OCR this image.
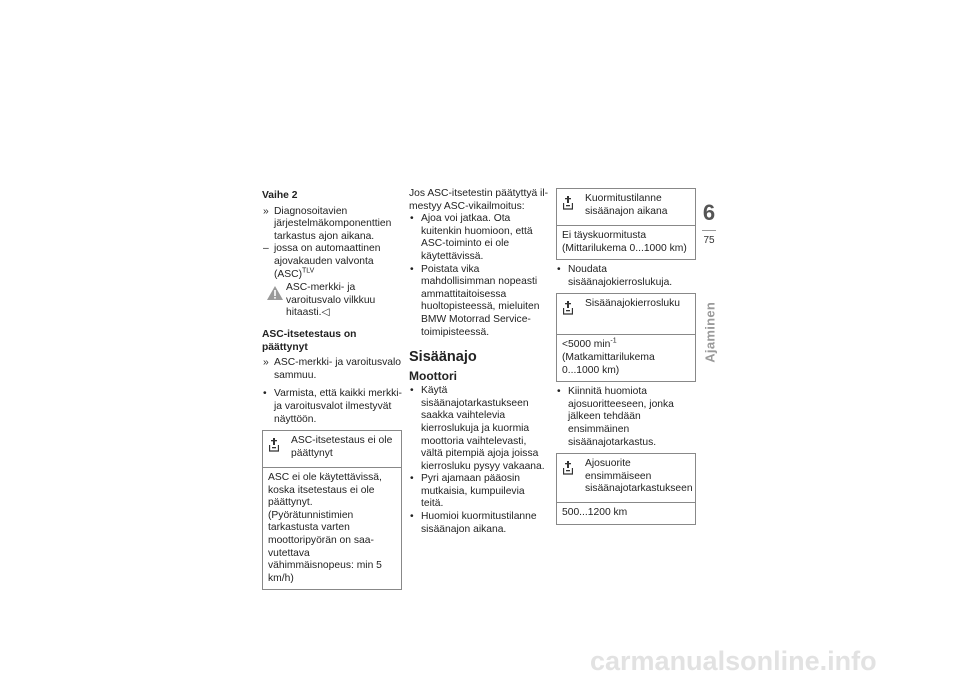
Vaihe 2
» Diagnosoitavien järjestelmäkomponenttien tarkastus ajon aikana.
– jossa on automaattinen ajovakauden valvonta (ASC)$^{TLV}$
ASC-merkki- ja varoitusvalo vilkkuu hitaasti.◁
ASC-itsetestaus on päättynyt
» ASC-merkki- ja varoitusvalo sammuu.
• Varmista, että kaikki merkki- ja varoitusvalot ilmestyvät näyttöön.
ASC-itsetestaus ei ole päättynyt
ASC ei ole käytettävissä, koska itsetestaus ei ole päättynyt. (Pyörätunnistimien tarkastusta varten moottoripyörän on saavutettava vähimmäisnopeus: min 5 km/h)
Jos ASC-itsetestin päätyttyä ilmestyy ASC-vikailmoitus:
• Ajoa voi jatkaa. Ota kuitenkin huomioon, että ASC-toiminto ei ole käytettävissä.
• Poistata vika mahdollisimman nopeasti ammattitaitoisessa huoltopisteessä, mieluiten BMW Motorrad Service-toimipisteessä.
Sisäänajo
Moottori
• Käytä sisäänajotarkastukseen saakka vaihtelevia kierroslukuja ja kuormia moottoria vaihtelevasti, vältä pitempiä ajoja joissa kierrosluku pysyy vakaana.
• Pyri ajamaan pääosin mutkaisia, kumpuilevia teitä.
• Huomioi kuormitustilanne sisäänajon aikana.
Kuormitustilanne sisäänajon aikana
Ei täyskuormitusta (Mittarilukema 0...1000 km)
• Noudata sisäänajokierroslukuja.
Sisäänajokierrosluku
<5000 $\min^{-1}$ (Matkamittarilukema 0...1000 km)
• Kiinnitä huomiota ajosuoritteeseen, jonka jälkeen tehdään ensimmäinen sisäänajotarkastus.
Ajosuorite ensimmäiseen sisäänajotarkastukseen
500...1200 km
6
75
Ajaminen
carmanualsonline.info
